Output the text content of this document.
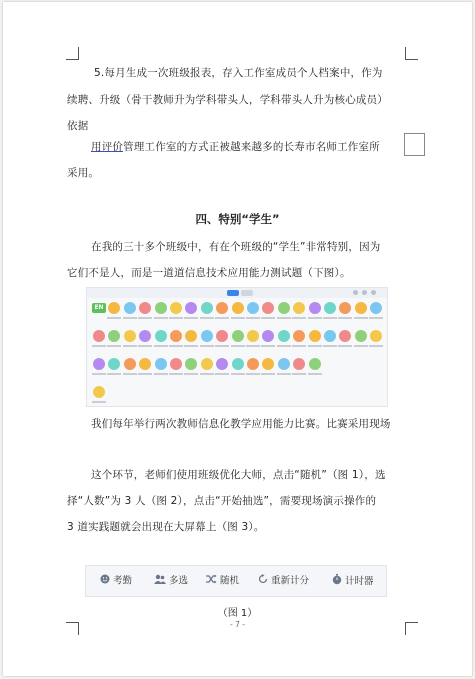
5.每月生成一次班级报表，存入工作室成员个人档案中，作为
续聘、升级（骨干教师升为学科带头人，学科带头人升为核心成员）
依据
用评价管理工作室的方式正被越来越多的长寿市名师工作室所
采用。
四、特别“学生”
在我的三十多个班级中，有在个班级的“学生”非常特别，因为
它们不是人，而是一道道信息技术应用能力测试题（下图）。
EN
我们每年举行两次教师信息化教学应用能力比赛。比赛采用现场
这个环节，老师们使用班级优化大师，点击“随机”（图 1），选
择“人数”为 3 人（图 2），点击“开始抽选”，需要现场演示操作的
3 道实践题就会出现在大屏幕上（图 3）。
考勤	多选	随机	重新计分	计时器
（图 1）
- 7 -
